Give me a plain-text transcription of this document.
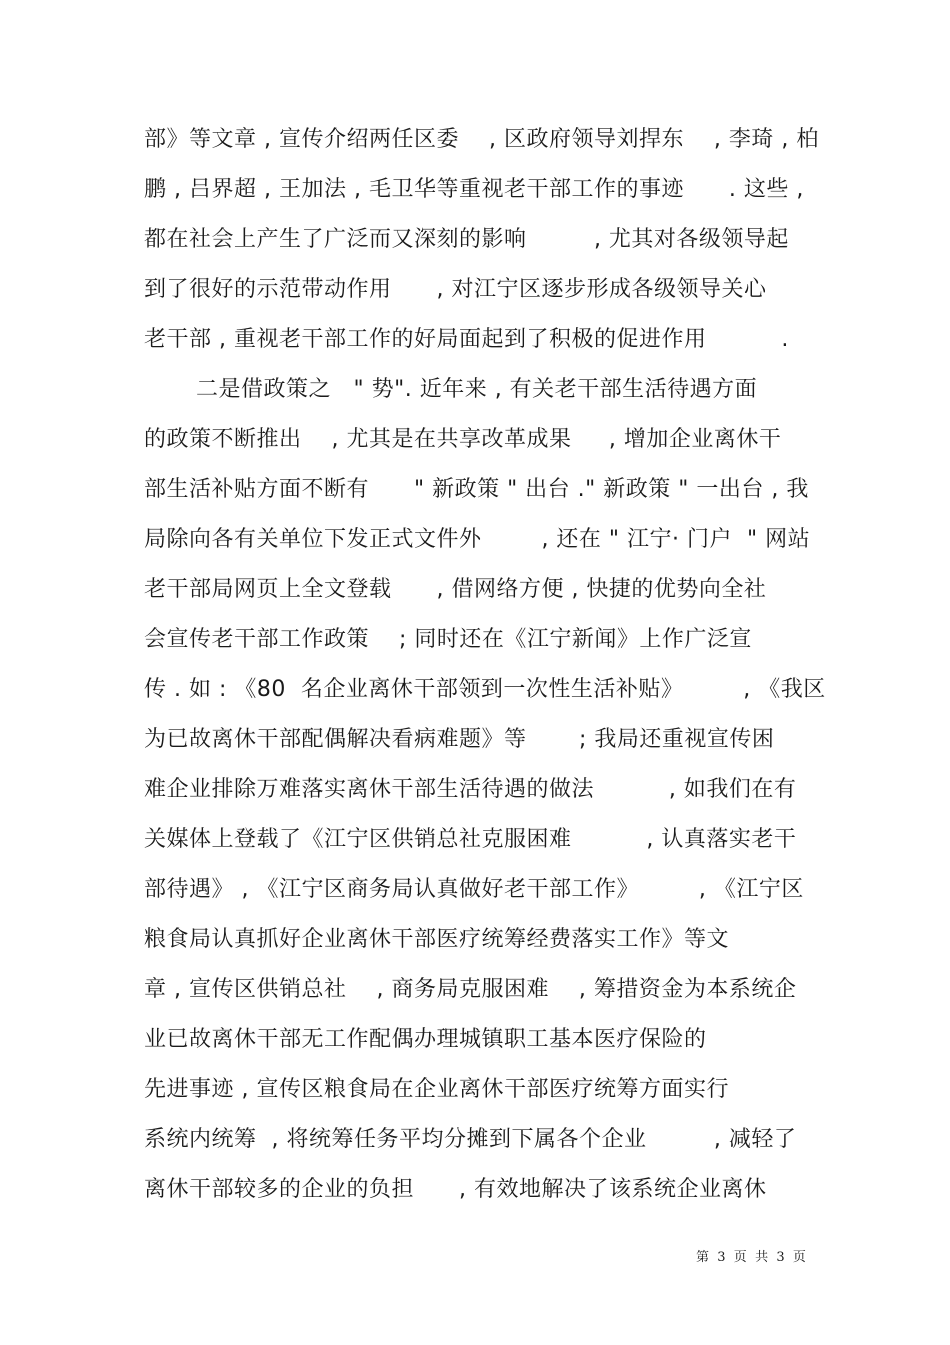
部》等文章 , 宣传介绍两任区委    , 区政府领导刘捍东    , 李琦 , 柏
鹏 , 吕界超 , 王加法 , 毛卫华等重视老干部工作的事迹      . 这些 ,
都在社会上产生了广泛而又深刻的影响         , 尤其对各级领导起
到了很好的示范带动作用      , 对江宁区逐步形成各级领导关心
老干部 , 重视老干部工作的好局面起到了积极的促进作用          .
二是借政策之   " 势". 近年来 , 有关老干部生活待遇方面
的政策不断推出    , 尤其是在共享改革成果     , 增加企业离休干
部生活补贴方面不断有      " 新政策 " 出台 ." 新政策 " 一出台 , 我
局除向各有关单位下发正式文件外        , 还在 " 江宁· 门户  " 网站
老干部局网页上全文登载      , 借网络方便 , 快捷的优势向全社
会宣传老干部工作政策    ; 同时还在《江宁新闻》上作广泛宣
传 . 如 : 《80  名企业离休干部领到一次性生活补贴》        , 《我区
为已故离休干部配偶解决看病难题》等       ; 我局还重视宣传困
难企业排除万难落实离休干部生活待遇的做法          , 如我们在有
关媒体上登载了《江宁区供销总社克服困难          , 认真落实老干
部待遇》 , 《江宁区商务局认真做好老干部工作》        , 《江宁区
粮食局认真抓好企业离休干部医疗统筹经费落实工作》等文
章 , 宣传区供销总社    , 商务局克服困难    , 筹措资金为本系统企
业已故离休干部无工作配偶办理城镇职工基本医疗保险的
先进事迹 , 宣传区粮食局在企业离休干部医疗统筹方面实行
系统内统筹  , 将统筹任务平均分摊到下属各个企业         , 减轻了
离休干部较多的企业的负担      , 有效地解决了该系统企业离休
第  3  页  共  3  页
